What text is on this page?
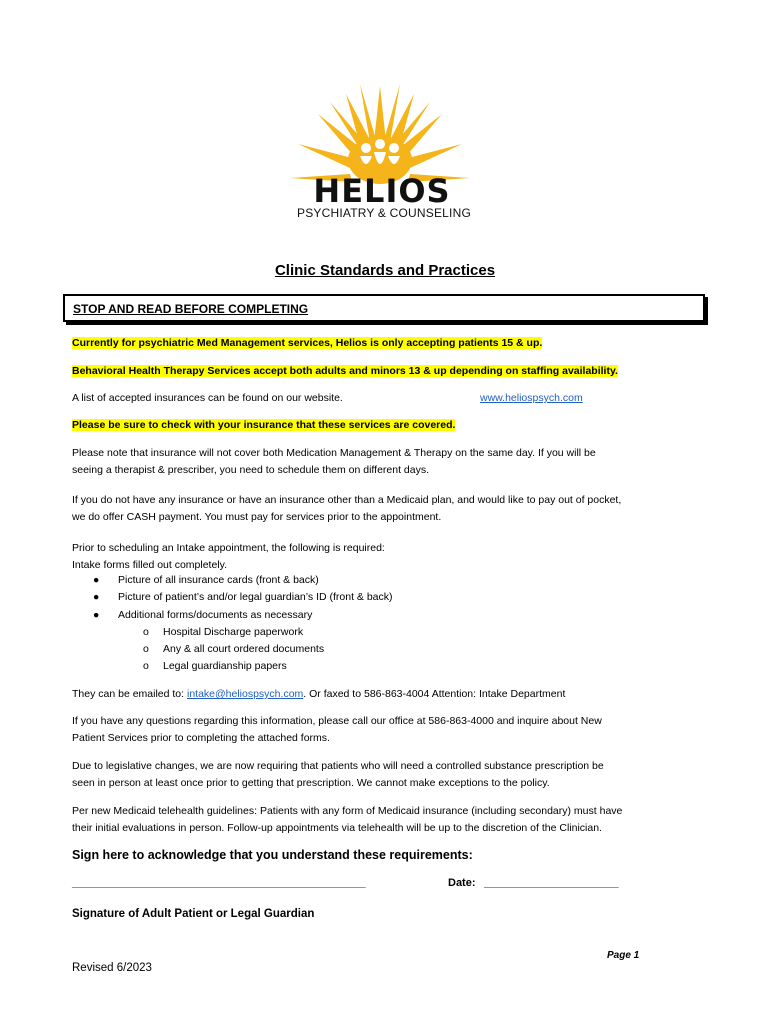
HELIOS
PSYCHIATRY & COUNSELING
Clinic Standards and Practices
STOP AND READ BEFORE COMPLETING
Currently for psychiatric Med Management services, Helios is only accepting patients 15 & up.
Behavioral Health Therapy Services accept both adults and minors 13 & up depending on staffing availability.
A list of accepted insurances can be found on our website.	www.heliospsych.com
Please be sure to check with your insurance that these services are covered.
Please note that insurance will not cover both Medication Management & Therapy on the same day. If you will be
seeing a therapist & prescriber, you need to schedule them on different days.
If you do not have any insurance or have an insurance other than a Medicaid plan, and would like to pay out of pocket,
we do offer CASH payment. You must pay for services prior to the appointment.
Prior to scheduling an Intake appointment, the following is required:
Intake forms filled out completely.
● Picture of all insurance cards (front & back)
● Picture of patient’s and/or legal guardian’s ID (front & back)
● Additional forms/documents as necessary
o Hospital Discharge paperwork
o Any & all court ordered documents
o Legal guardianship papers
They can be emailed to: intake@heliospsych.com. Or faxed to 586-863-4004 Attention: Intake Department
If you have any questions regarding this information, please call our office at 586-863-4000 and inquire about New
Patient Services prior to completing the attached forms.
Due to legislative changes, we are now requiring that patients who will need a controlled substance prescription be
seen in person at least once prior to getting that prescription. We cannot make exceptions to the policy.
Per new Medicaid telehealth guidelines: Patients with any form of Medicaid insurance (including secondary) must have
their initial evaluations in person. Follow-up appointments via telehealth will be up to the discretion of the Clinician.
Sign here to acknowledge that you understand these requirements:
________________________________________________	Date: ______________________
Signature of Adult Patient or Legal Guardian
Page 1
Revised 6/2023
